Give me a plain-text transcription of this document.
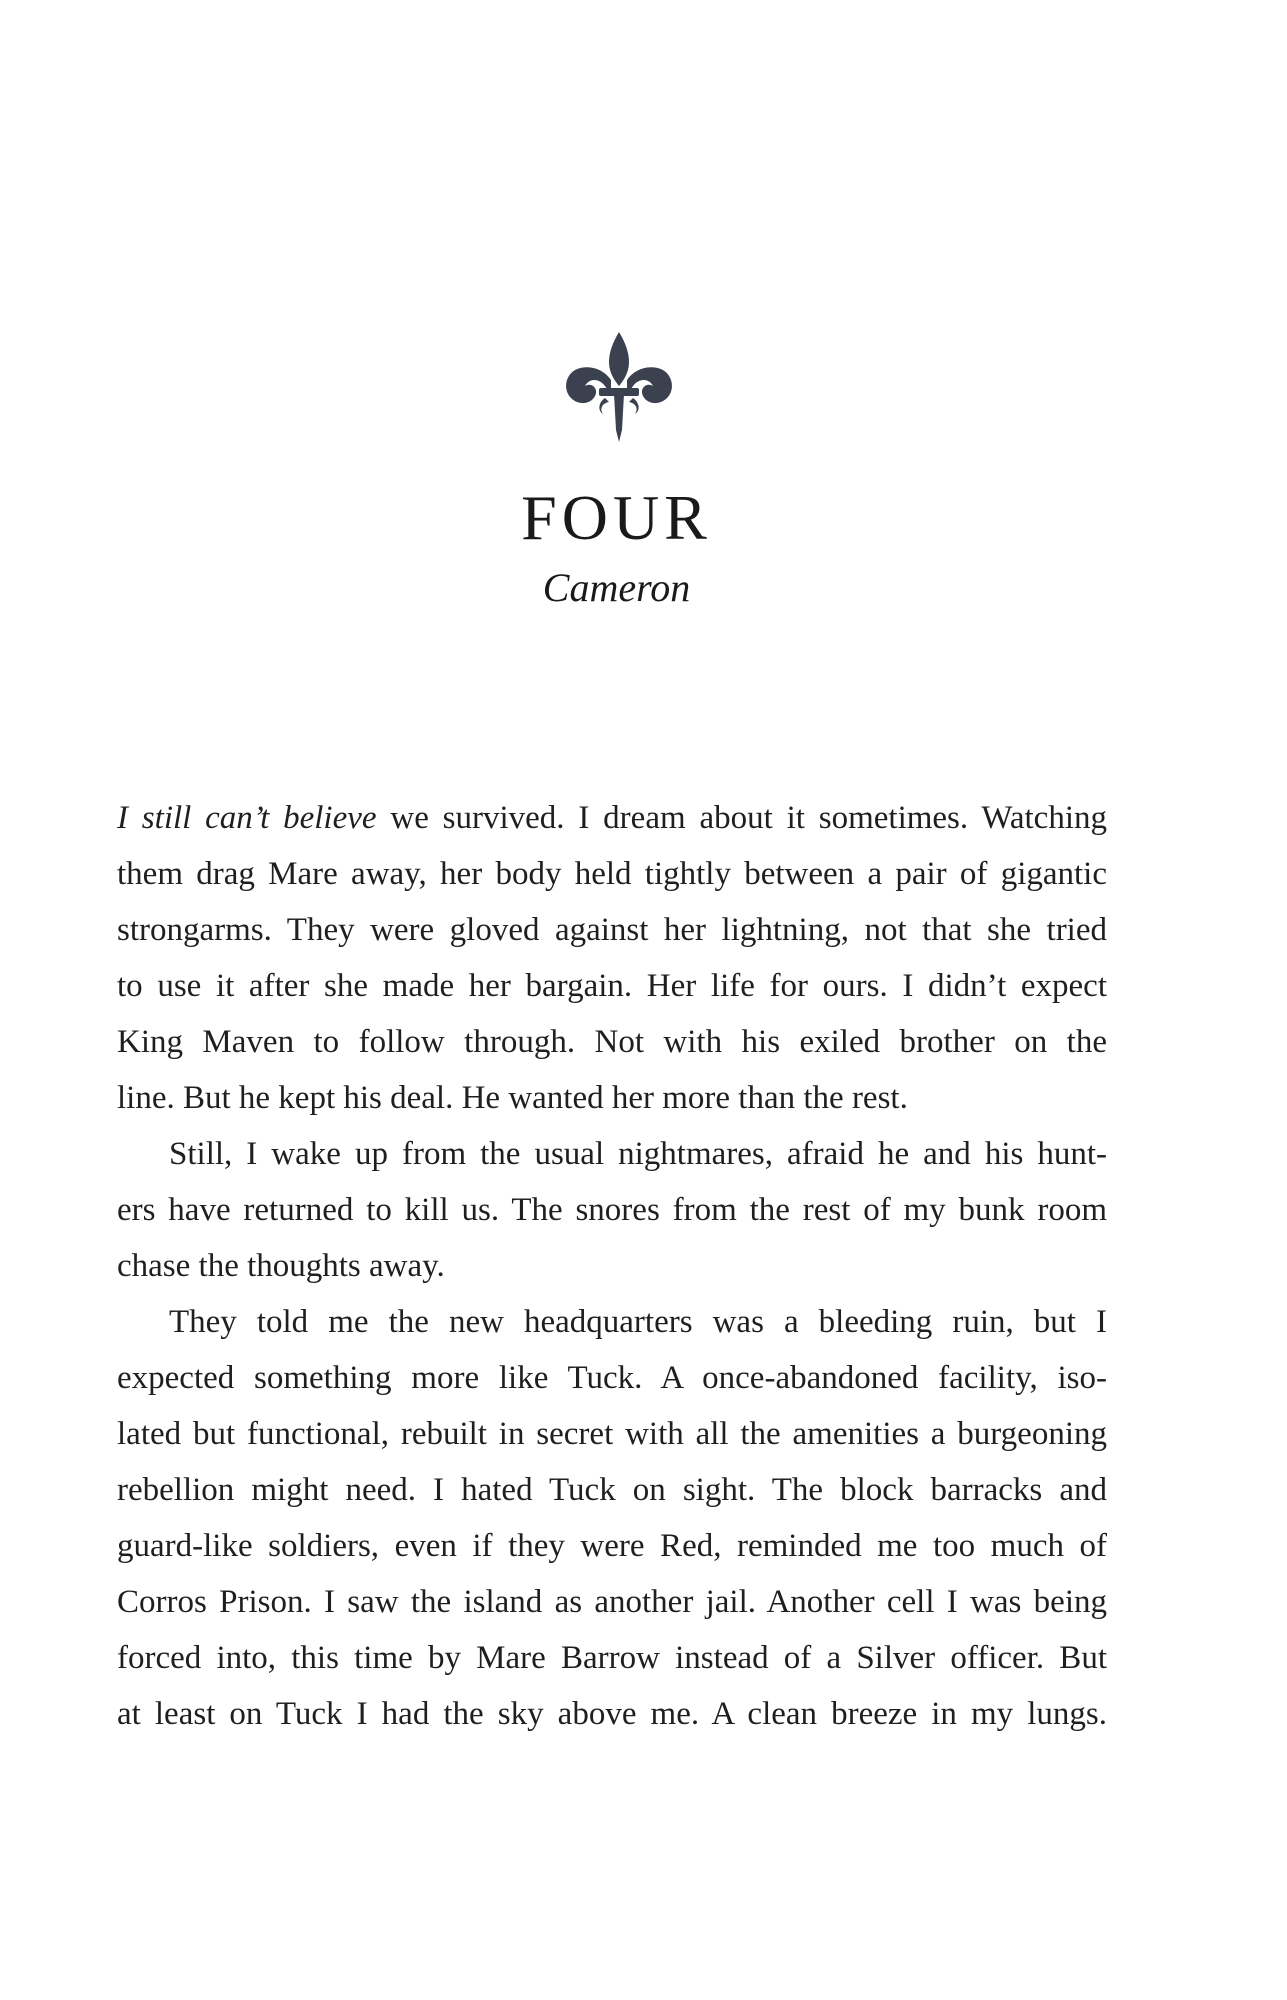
FOUR
Cameron
I still can’t believe we survived. I dream about it sometimes. Watching
them drag Mare away, her body held tightly between a pair of gigantic
strongarms. They were gloved against her lightning, not that she tried
to use it after she made her bargain. Her life for ours. I didn’t expect
King Maven to follow through. Not with his exiled brother on the
line. But he kept his deal. He wanted her more than the rest.
Still, I wake up from the usual nightmares, afraid he and his hunt-
ers have returned to kill us. The snores from the rest of my bunk room
chase the thoughts away.
They told me the new headquarters was a bleeding ruin, but I
expected something more like Tuck. A once-abandoned facility, iso-
lated but functional, rebuilt in secret with all the amenities a burgeoning
rebellion might need. I hated Tuck on sight. The block barracks and
guard-like soldiers, even if they were Red, reminded me too much of
Corros Prison. I saw the island as another jail. Another cell I was being
forced into, this time by Mare Barrow instead of a Silver officer. But
at least on Tuck I had the sky above me. A clean breeze in my lungs.
